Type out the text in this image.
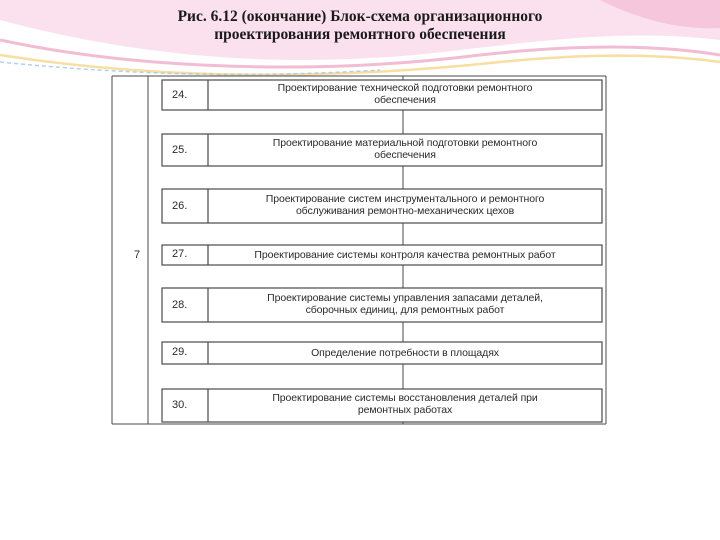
Рис. 6.12 (окончание) Блок-схема организационного
проектирования ремонтного обеспечения
7
24.
25.
26.
27.
28.
29.
30.
Проектирование технической подготовки ремонтного
обеспечения
Проектирование материальной подготовки ремонтного
обеспечения
Проектирование систем инструментального и ремонтного
обслуживания ремонтно-механических цехов
Проектирование системы контроля качества ремонтных работ
Проектирование системы управления запасами деталей,
сборочных единиц, для ремонтных работ
Определение потребности в площадях
Проектирование системы восстановления деталей при
ремонтных работах
